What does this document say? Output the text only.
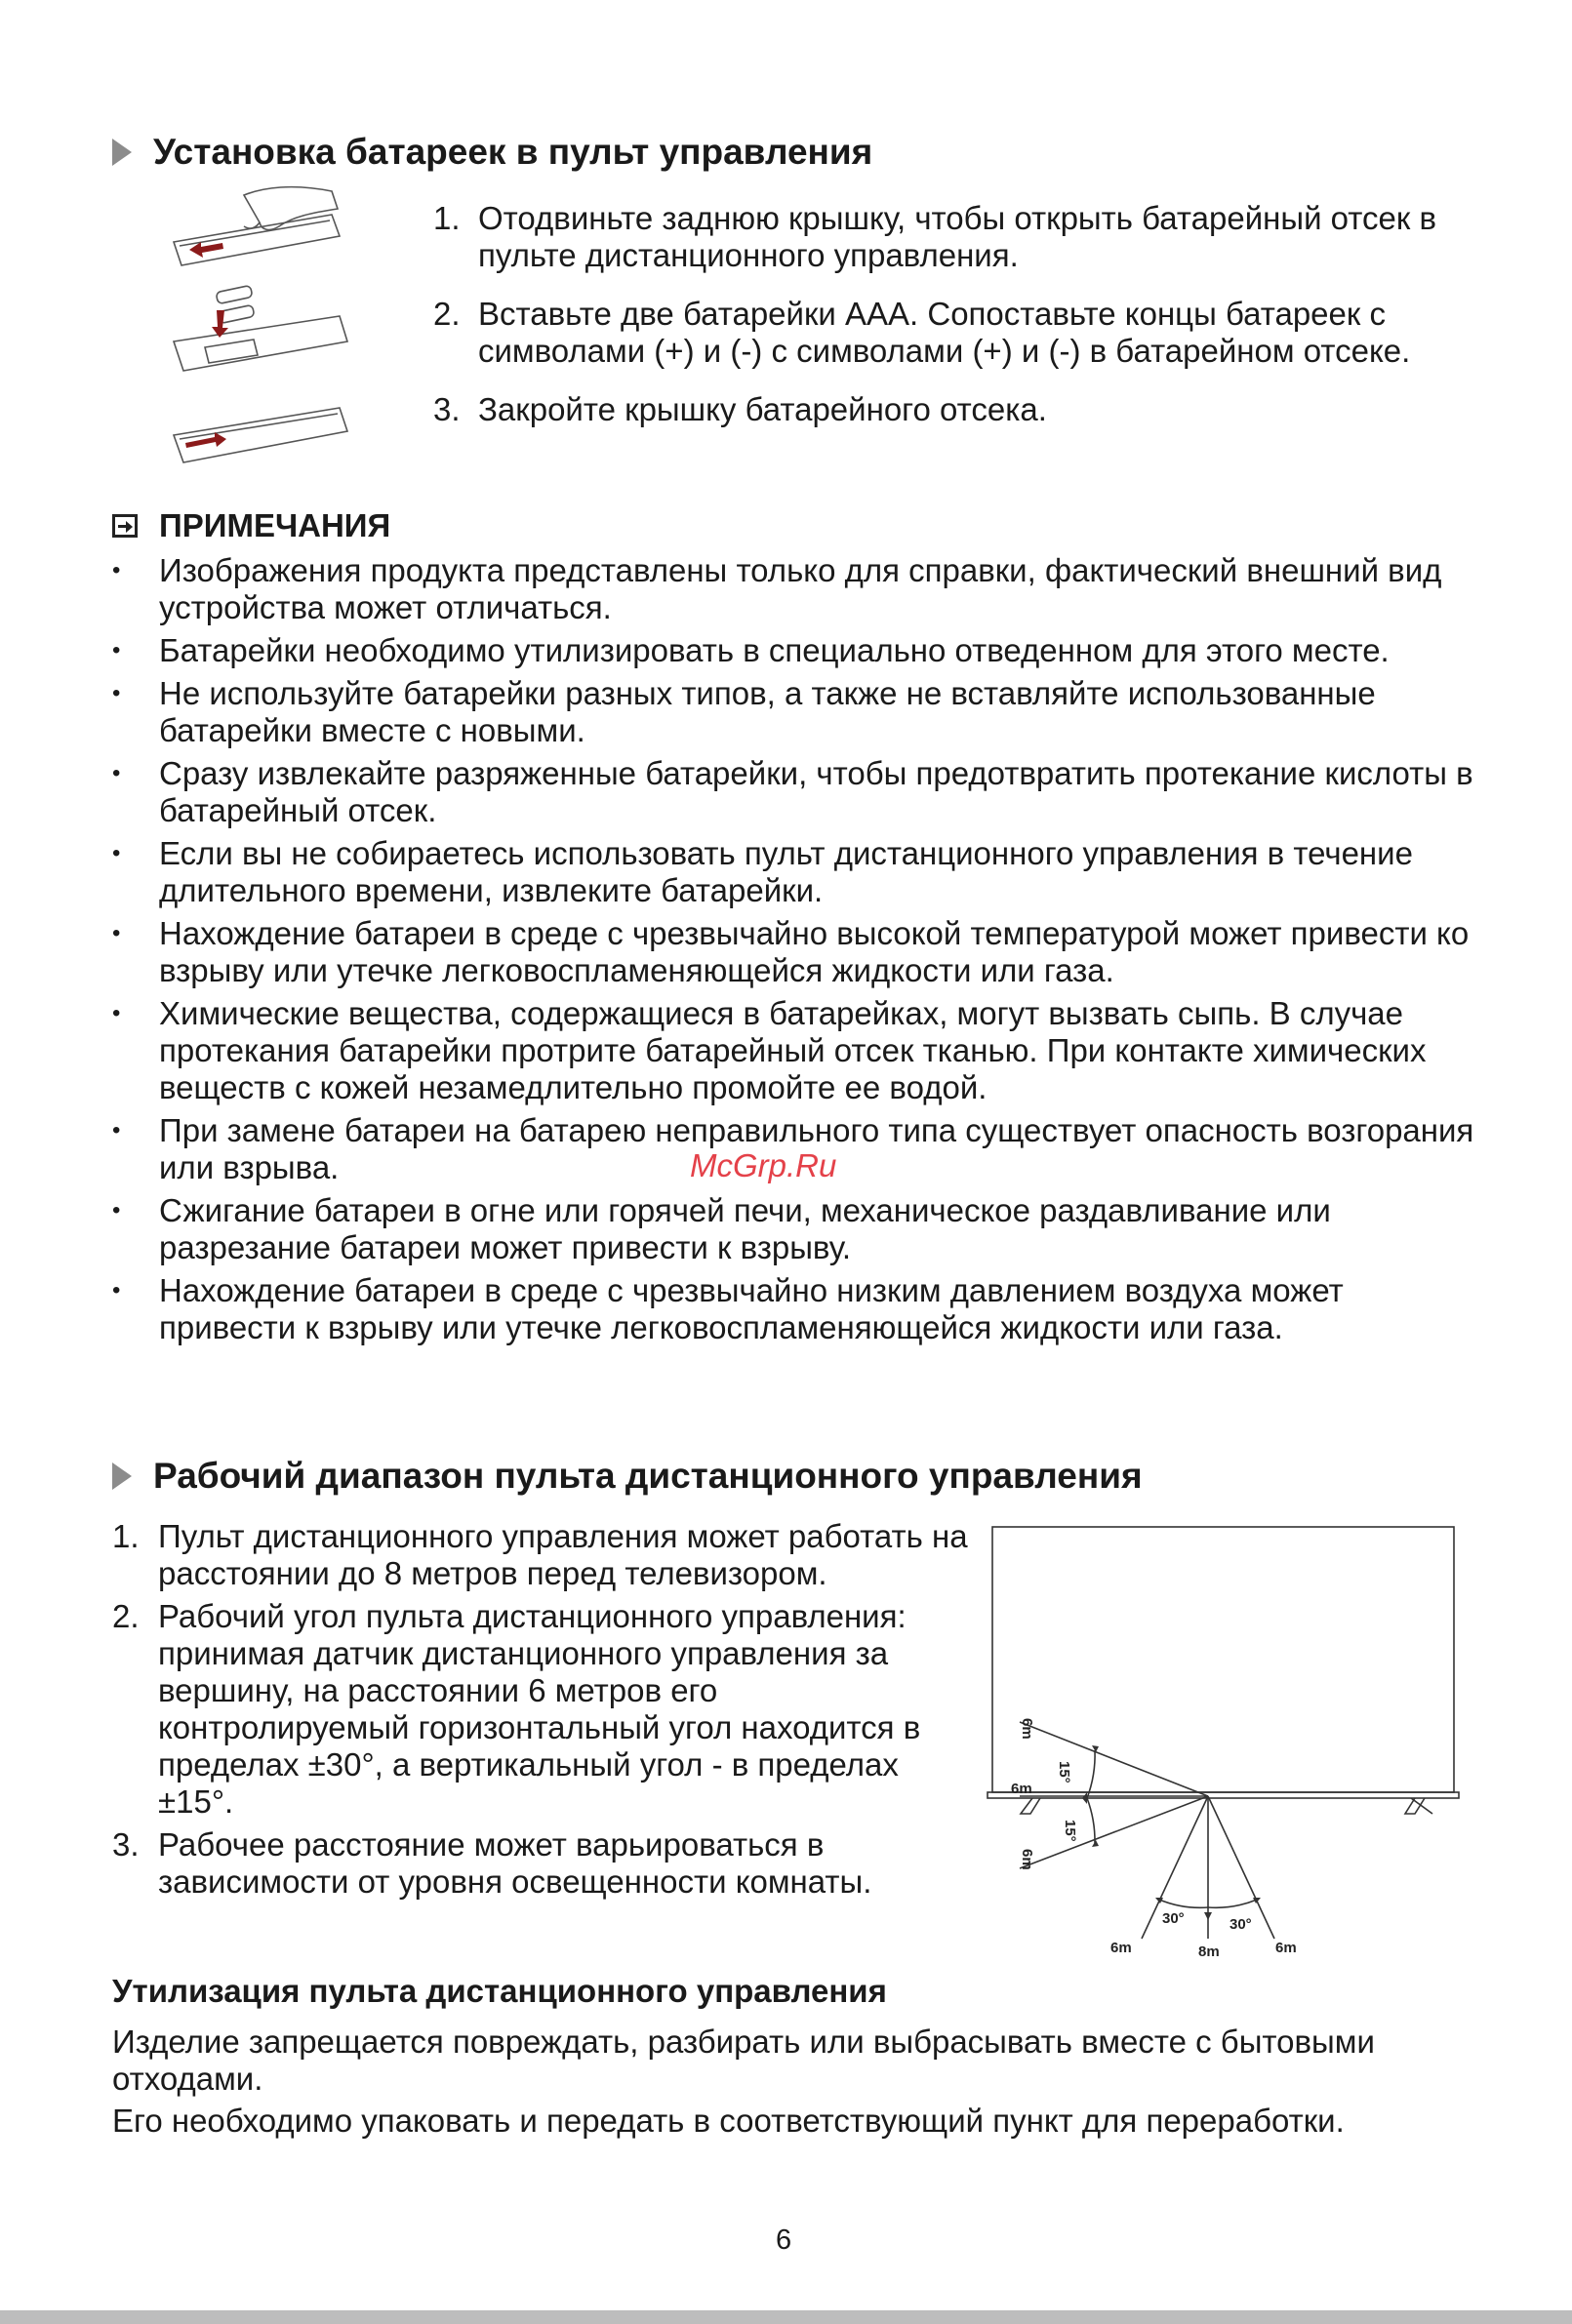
Установка батареек в пульт управления
1. Отодвиньте заднюю крышку, чтобы открыть батарейный отсек в пульте дистанционного управления.
2. Вставьте две батарейки ААА. Сопоставьте концы батареек с символами (+) и (-) с символами (+) и (-) в батарейном отсеке.
3. Закройте крышку батарейного отсека.
ПРИМЕЧАНИЯ
• Изображения продукта представлены только для справки, фактический внешний вид устройства может отличаться.
• Батарейки необходимо утилизировать в специально отведенном для этого месте.
• Не используйте батарейки разных типов, а также не вставляйте использованные батарейки вместе с новыми.
• Сразу извлекайте разряженные батарейки, чтобы предотвратить протекание кислоты в батарейный отсек.
• Если вы не собираетесь использовать пульт дистанционного управления в течение длительного времени, извлеките батарейки.
• Нахождение батареи в среде с чрезвычайно высокой температурой может привести ко взрыву или утечке легковоспламеняющейся жидкости или газа.
• Химические вещества, содержащиеся в батарейках, могут вызвать сыпь. В случае протекания батарейки протрите батарейный отсек тканью. При контакте химических веществ с кожей незамедлительно промойте ее водой.
• При замене батареи на батарею неправильного типа существует опасность возгорания или взрыва.
• Сжигание батареи в огне или горячей печи, механическое раздавливание или разрезание батареи может привести к взрыву.
• Нахождение батареи в среде с чрезвычайно низким давлением воздуха может привести к взрыву или утечке легковоспламеняющейся жидкости или газа.
McGrp.Ru
Рабочий диапазон пульта дистанционного управления
1. Пульт дистанционного управления может работать на расстоянии до 8 метров перед телевизором.
2. Рабочий угол пульта дистанционного управления: принимая датчик дистанционного управления за вершину, на расстоянии 6 метров его контролируемый горизонтальный угол находится в пределах ±30°, а вертикальный угол - в пределах ±15°.
3. Рабочее расстояние может варьироваться в зависимости от уровня освещенности комнаты.
6m
6m
6m
15°
15°
30°	30°
6m	8m	6m
Утилизация пульта дистанционного управления

Изделие запрещается повреждать, разбирать или выбрасывать вместе с бытовыми отходами.

Его необходимо упаковать и передать в соответствующий пункт для переработки.

6
